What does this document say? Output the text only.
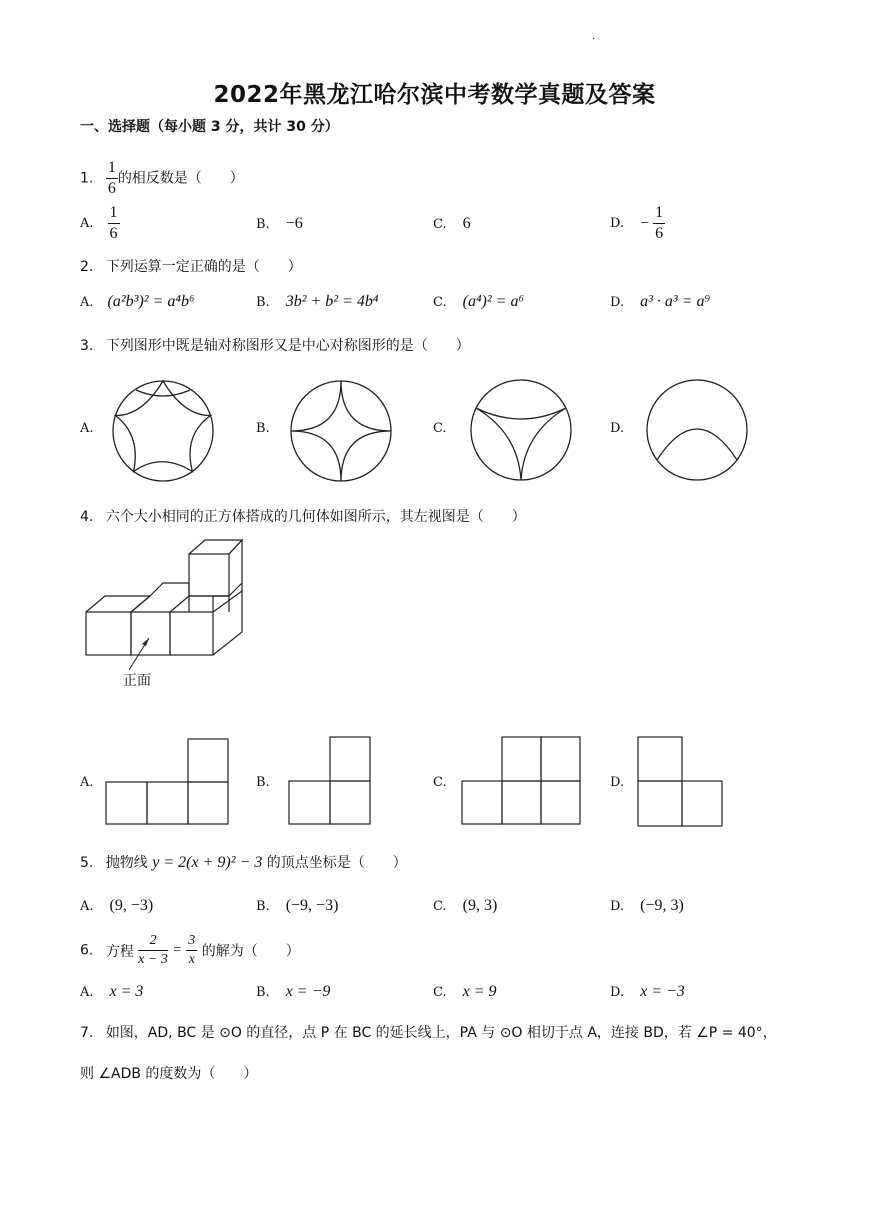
·
2022年黑龙江哈尔滨中考数学真题及答案
一、选择题（每小题 3 分，共计 30 分）
1. $\frac{1}{6}$ 的相反数是（　　）
A. $\frac{1}{6}$	B. −6	C. 6	D. − $\frac{1}{6}$
2. 下列运算一定正确的是（　　）
A. (a²b³)² = a⁴b⁶	B. 3b² + b² = 4b⁴	C. (a⁴)² = a⁶	D. a³ · a³ = a⁹
3. 下列图形中既是轴对称图形又是中心对称图形的是（　　）
A.	B.	C.	D.
4. 六个大小相同的正方体搭成的几何体如图所示，其左视图是（　　）
正面
A.	B.	C.	D.
5. 抛物线 y = 2(x + 9)² − 3 的顶点坐标是（　　）
A. (9, −3)	B. (−9, −3)	C. (9, 3)	D. (−9, 3)
6. 方程 $\frac{2}{x - 3} = \frac{3}{x}$ 的解为（　　）
A. x = 3	B. x = −9	C. x = 9	D. x = −3
7. 如图，AD, BC 是 ⊙O 的直径，点 P 在 BC 的延长线上，PA 与 ⊙O 相切于点 A，连接 BD，若 ∠P = 40°，
则 ∠ADB 的度数为（　　）
